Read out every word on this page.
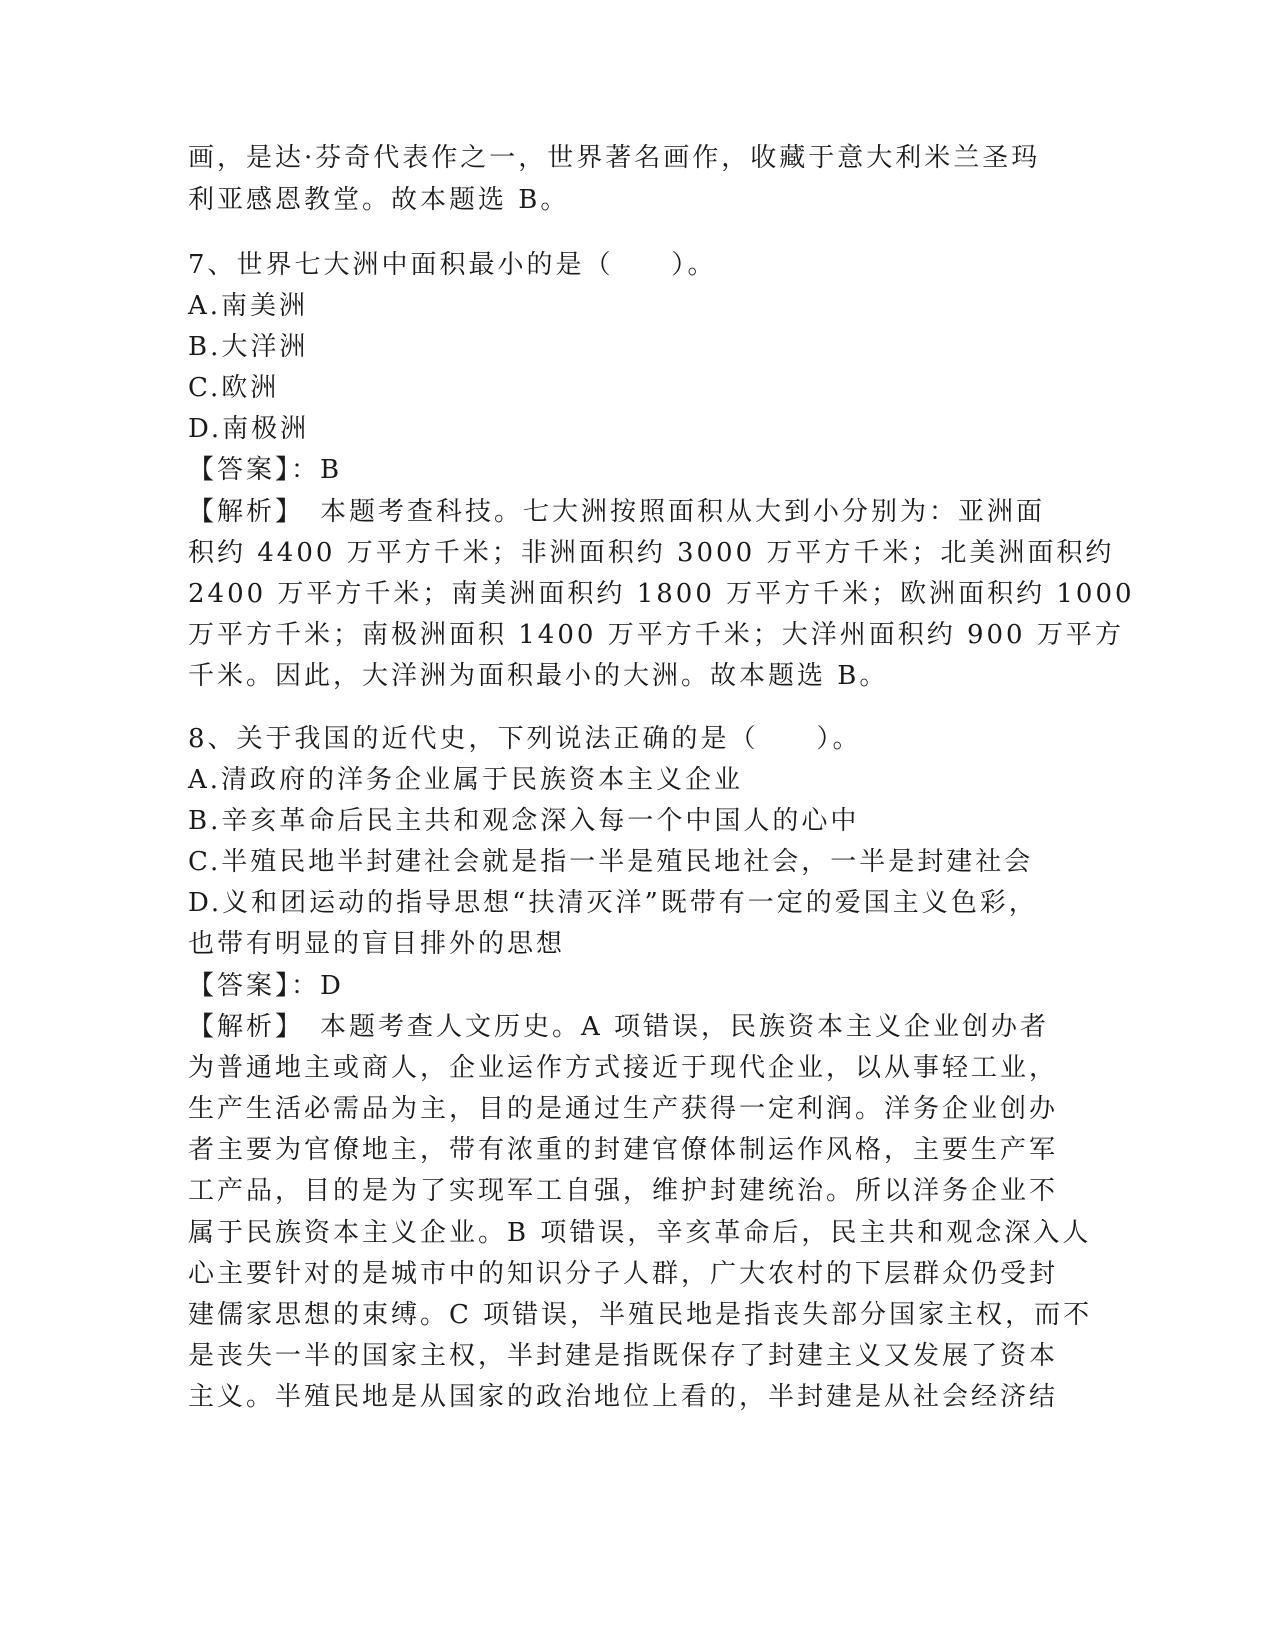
画，是达·芬奇代表作之一，世界著名画作，收藏于意大利米兰圣玛
利亚感恩教堂。故本题选 B。
7、世界七大洲中面积最小的是（　　）。
A.南美洲
B.大洋洲
C.欧洲
D.南极洲
【答案】：B
【解析】　本题考查科技。七大洲按照面积从大到小分别为：亚洲面
积约 4400 万平方千米；非洲面积约 3000 万平方千米；北美洲面积约
2400 万平方千米；南美洲面积约 1800 万平方千米；欧洲面积约 1000
万平方千米；南极洲面积 1400 万平方千米；大洋州面积约 900 万平方
千米。因此，大洋洲为面积最小的大洲。故本题选 B。
8、关于我国的近代史，下列说法正确的是（　　）。
A.清政府的洋务企业属于民族资本主义企业
B.辛亥革命后民主共和观念深入每一个中国人的心中
C.半殖民地半封建社会就是指一半是殖民地社会，一半是封建社会
D.义和团运动的指导思想“扶清灭洋”既带有一定的爱国主义色彩，
也带有明显的盲目排外的思想
【答案】：D
【解析】　本题考查人文历史。A 项错误，民族资本主义企业创办者
为普通地主或商人，企业运作方式接近于现代企业，以从事轻工业，
生产生活必需品为主，目的是通过生产获得一定利润。洋务企业创办
者主要为官僚地主，带有浓重的封建官僚体制运作风格，主要生产军
工产品，目的是为了实现军工自强，维护封建统治。所以洋务企业不
属于民族资本主义企业。B 项错误，辛亥革命后，民主共和观念深入人
心主要针对的是城市中的知识分子人群，广大农村的下层群众仍受封
建儒家思想的束缚。C 项错误，半殖民地是指丧失部分国家主权，而不
是丧失一半的国家主权，半封建是指既保存了封建主义又发展了资本
主义。半殖民地是从国家的政治地位上看的，半封建是从社会经济结
